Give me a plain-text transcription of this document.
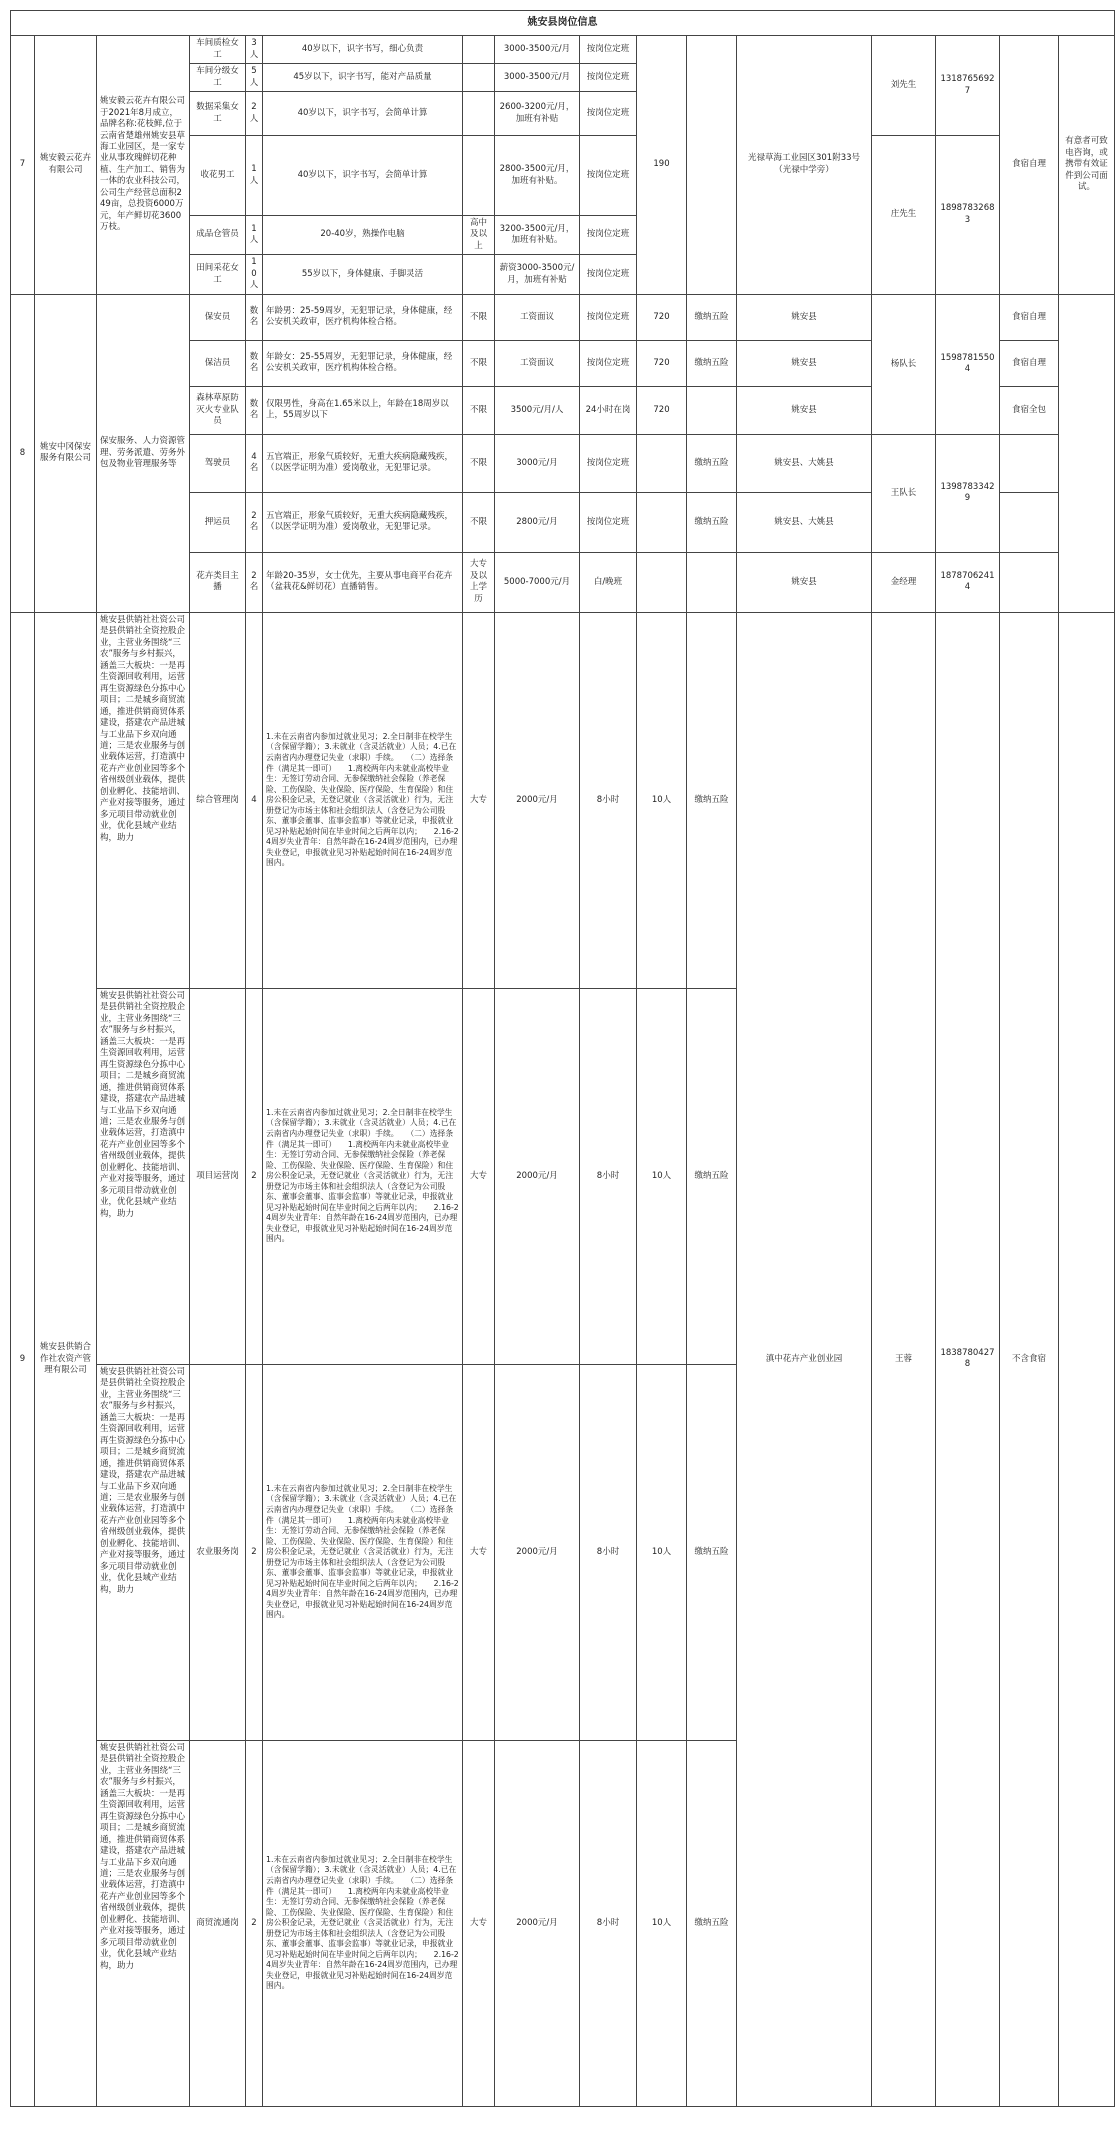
姚安县岗位信息															
7	姚安毅云花卉有限公司	姚安毅云花卉有限公司于2021年8月成立，品牌名称:花枝鲜,位于云南省楚雄州姚安县草海工业园区，是一家专业从事玫瑰鲜切花种植、生产加工、销售为一体的农业科技公司，公司生产经营总面积249亩，总投资6000万元，年产鲜切花3600万枝。	车间质检女工	3人	40岁以下，识字书写，细心负责		3000-3500元/月	按岗位定班	190		光禄草海工业园区301附33号（光禄中学旁）	刘先生	13187656927	食宿自理	有意者可致电咨询，或携带有效证件到公司面试。
			车间分级女工	5人	45岁以下，识字书写，能对产品质量		3000-3500元/月	按岗位定班							
			数据采集女工	2人	40岁以下，识字书写，会简单计算		2600-3200元/月，加班有补贴	按岗位定班							
			收花男工	1人	40岁以下，识字书写，会简单计算		2800-3500元/月，加班有补贴。	按岗位定班				庄先生	18987832683		
			成品仓管员	1人	20-40岁，熟操作电脑	高中及以上	3200-3500元/月，加班有补贴。	按岗位定班							
			田间采花女工	10人	55岁以下，身体健康、手脚灵活		薪资3000-3500元/月，加班有补贴	按岗位定班							
8	姚安中冈保安服务有限公司	保安服务、人力资源管理、劳务派遣、劳务外包及物业管理服务等	保安员	数名	年龄男：25-59周岁，无犯罪记录，身体健康，经公安机关政审，医疗机构体检合格。	不限	工资面议	按岗位定班	720	缴纳五险	姚安县	杨队长	15987815504	食宿自理	
			保洁员	数名	年龄女：25-55周岁，无犯罪记录，身体健康，经公安机关政审，医疗机构体检合格。	不限	工资面议	按岗位定班	720	缴纳五险	姚安县			食宿自理	
			森林草原防灭火专业队员	数名	仅限男性，身高在1.65米以上，年龄在18周岁以上，55周岁以下	不限	3500元/月/人	24小时在岗	720		姚安县			食宿全包	
			驾驶员	4名	五官端正，形象气质较好，无重大疾病隐藏残疾，（以医学证明为准）爱岗敬业，无犯罪记录。	不限	3000元/月	按岗位定班		缴纳五险	姚安县、大姚县	王队长	13987833429		
			押运员	2名	五官端正，形象气质较好，无重大疾病隐藏残疾，（以医学证明为准）爱岗敬业，无犯罪记录。	不限	2800元/月	按岗位定班		缴纳五险	姚安县、大姚县				
			花卉类目主播	2名	年龄20-35岁，女士优先，主要从事电商平台花卉（盆栽花&鲜切花）直播销售。	大专及以上学历	5000-7000元/月	白/晚班			姚安县	金经理	18787062414		
9	姚安县供销合作社农资产管理有限公司	姚安县供销社社资公司是县供销社全资控股企业，主营业务围绕“三农”服务与乡村振兴，涵盖三大板块：一是再生资源回收利用，运营再生资源绿色分拣中心项目；二是城乡商贸流通，推进供销商贸体系建设，搭建农产品进城与工业品下乡双向通道；三是农业服务与创业载体运营，打造滇中花卉产业创业园等多个省州级创业载体，提供创业孵化、技能培训、产业对接等服务，通过多元项目带动就业创业，优化县域产业结构，助力	综合管理岗	4	1.未在云南省内参加过就业见习；2.全日制非在校学生（含保留学籍）；3.未就业（含灵活就业）人员；4.已在云南省内办理登记失业（求职）手续。　　（二）选择条件（满足其一即可）　　1.离校两年内未就业高校毕业生：无签订劳动合同、无参保缴纳社会保险（养老保险、工伤保险、失业保险、医疗保险、生育保险）和住房公积金记录，无登记就业（含灵活就业）行为，无注册登记为市场主体和社会组织法人（含登记为公司股东、董事会董事、监事会监事）等就业记录，申报就业见习补贴起始时间在毕业时间之后两年以内；　　2.16-24周岁失业青年：自然年龄在16-24周岁范围内，已办理失业登记，申报就业见习补贴起始时间在16-24周岁范围内。	大专	2000元/月	8小时	10人	缴纳五险	滇中花卉产业创业园	王蓉	18387804278	不含食宿	
		姚安县供销社社资公司是县供销社全资控股企业，主营业务围绕“三农”服务与乡村振兴，涵盖三大板块：一是再生资源回收利用，运营再生资源绿色分拣中心项目；二是城乡商贸流通，推进供销商贸体系建设，搭建农产品进城与工业品下乡双向通道；三是农业服务与创业载体运营，打造滇中花卉产业创业园等多个省州级创业载体，提供创业孵化、技能培训、产业对接等服务，通过多元项目带动就业创业，优化县域产业结构，助力	项目运营岗	2	1.未在云南省内参加过就业见习；2.全日制非在校学生（含保留学籍）；3.未就业（含灵活就业）人员；4.已在云南省内办理登记失业（求职）手续。　　（二）选择条件（满足其一即可）　　1.离校两年内未就业高校毕业生：无签订劳动合同、无参保缴纳社会保险（养老保险、工伤保险、失业保险、医疗保险、生育保险）和住房公积金记录，无登记就业（含灵活就业）行为，无注册登记为市场主体和社会组织法人（含登记为公司股东、董事会董事、监事会监事）等就业记录，申报就业见习补贴起始时间在毕业时间之后两年以内；　　2.16-24周岁失业青年：自然年龄在16-24周岁范围内，已办理失业登记，申报就业见习补贴起始时间在16-24周岁范围内。	大专	2000元/月	8小时	10人	缴纳五险					
		姚安县供销社社资公司是县供销社全资控股企业，主营业务围绕“三农”服务与乡村振兴，涵盖三大板块：一是再生资源回收利用，运营再生资源绿色分拣中心项目；二是城乡商贸流通，推进供销商贸体系建设，搭建农产品进城与工业品下乡双向通道；三是农业服务与创业载体运营，打造滇中花卉产业创业园等多个省州级创业载体，提供创业孵化、技能培训、产业对接等服务，通过多元项目带动就业创业，优化县域产业结构，助力	农业服务岗	2	1.未在云南省内参加过就业见习；2.全日制非在校学生（含保留学籍）；3.未就业（含灵活就业）人员；4.已在云南省内办理登记失业（求职）手续。　　（二）选择条件（满足其一即可）　　1.离校两年内未就业高校毕业生：无签订劳动合同、无参保缴纳社会保险（养老保险、工伤保险、失业保险、医疗保险、生育保险）和住房公积金记录，无登记就业（含灵活就业）行为，无注册登记为市场主体和社会组织法人（含登记为公司股东、董事会董事、监事会监事）等就业记录，申报就业见习补贴起始时间在毕业时间之后两年以内；　　2.16-24周岁失业青年：自然年龄在16-24周岁范围内，已办理失业登记，申报就业见习补贴起始时间在16-24周岁范围内。	大专	2000元/月	8小时	10人	缴纳五险					
		姚安县供销社社资公司是县供销社全资控股企业，主营业务围绕“三农”服务与乡村振兴，涵盖三大板块：一是再生资源回收利用，运营再生资源绿色分拣中心项目；二是城乡商贸流通，推进供销商贸体系建设，搭建农产品进城与工业品下乡双向通道；三是农业服务与创业载体运营，打造滇中花卉产业创业园等多个省州级创业载体，提供创业孵化、技能培训、产业对接等服务，通过多元项目带动就业创业，优化县域产业结构，助力	商贸流通岗	2	1.未在云南省内参加过就业见习；2.全日制非在校学生（含保留学籍）；3.未就业（含灵活就业）人员；4.已在云南省内办理登记失业（求职）手续。　　（二）选择条件（满足其一即可）　　1.离校两年内未就业高校毕业生：无签订劳动合同、无参保缴纳社会保险（养老保险、工伤保险、失业保险、医疗保险、生育保险）和住房公积金记录，无登记就业（含灵活就业）行为，无注册登记为市场主体和社会组织法人（含登记为公司股东、董事会董事、监事会监事）等就业记录，申报就业见习补贴起始时间在毕业时间之后两年以内；　　2.16-24周岁失业青年：自然年龄在16-24周岁范围内，已办理失业登记，申报就业见习补贴起始时间在16-24周岁范围内。	大专	2000元/月	8小时	10人	缴纳五险					
